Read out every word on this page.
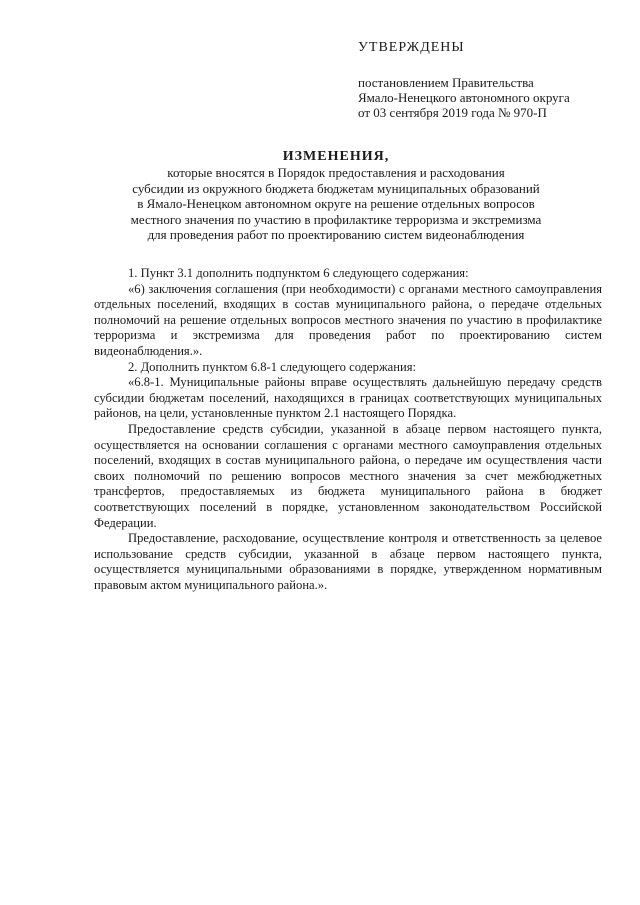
УТВЕРЖДЕНЫ
постановлением Правительства
Ямало-Ненецкого автономного округа
от 03 сентября 2019 года № 970-П
ИЗМЕНЕНИЯ,
которые вносятся в Порядок предоставления и расходования
субсидии из окружного бюджета бюджетам муниципальных образований
в Ямало-Ненецком автономном округе на решение отдельных вопросов
местного значения по участию в профилактике терроризма и экстремизма
для проведения работ по проектированию систем видеонаблюдения

1. Пункт 3.1 дополнить подпунктом 6 следующего содержания:

«6) заключения соглашения (при необходимости) с органами местного самоуправления отдельных поселений, входящих в состав муниципального района, о передаче отдельных полномочий на решение отдельных вопросов местного значения по участию в профилактике терроризма и экстремизма для проведения работ по проектированию систем видеонаблюдения.».

2. Дополнить пунктом 6.8-1 следующего содержания:

«6.8-1. Муниципальные районы вправе осуществлять дальнейшую передачу средств субсидии бюджетам поселений, находящихся в границах соответствующих муниципальных районов, на цели, установленные пунктом 2.1 настоящего Порядка.

Предоставление средств субсидии, указанной в абзаце первом настоящего пункта, осуществляется на основании соглашения с органами местного самоуправления отдельных поселений, входящих в состав муниципального района, о передаче им осуществления части своих полномочий по решению вопросов местного значения за счет межбюджетных трансфертов, предоставляемых из бюджета муниципального района в бюджет соответствующих поселений в порядке, установленном законодательством Российской Федерации.

Предоставление, расходование, осуществление контроля и ответственность за целевое использование средств субсидии, указанной в абзаце первом настоящего пункта, осуществляется муниципальными образованиями в порядке, утвержденном нормативным правовым актом муниципального района.».
